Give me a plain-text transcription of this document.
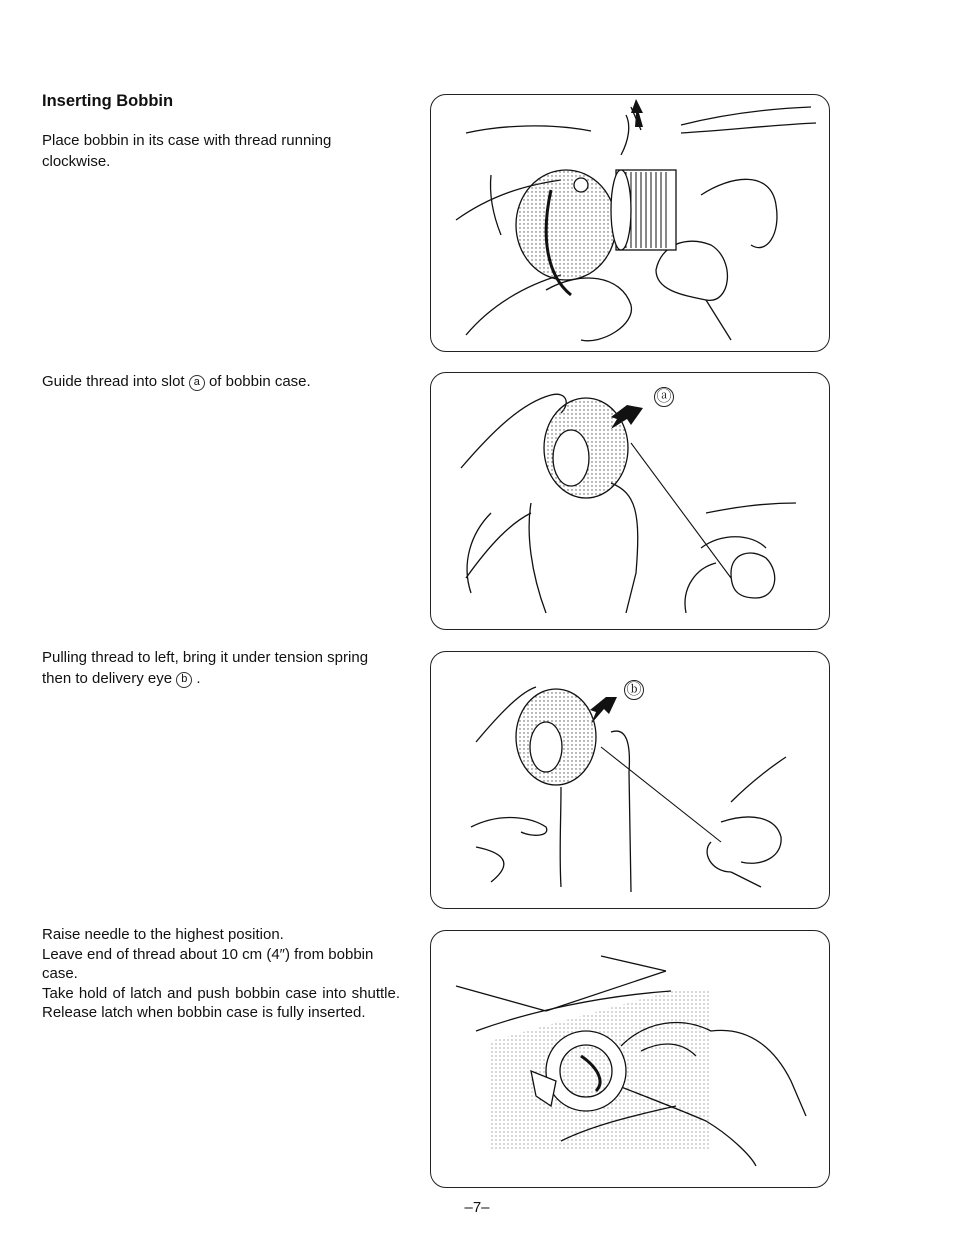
Inserting Bobbin

Place bobbin in its case with thread running clockwise.

Guide thread into slot a of bobbin case.

Pulling thread to left, bring it under tension spring

then to delivery eye b .

Raise needle to the highest position.

Leave end of thread about 10 cm (4″) from bobbin case.

Take hold of latch and push bobbin case into shuttle. Release latch when bobbin case is fully inserted.

ⓐ
ⓑ
–7–
